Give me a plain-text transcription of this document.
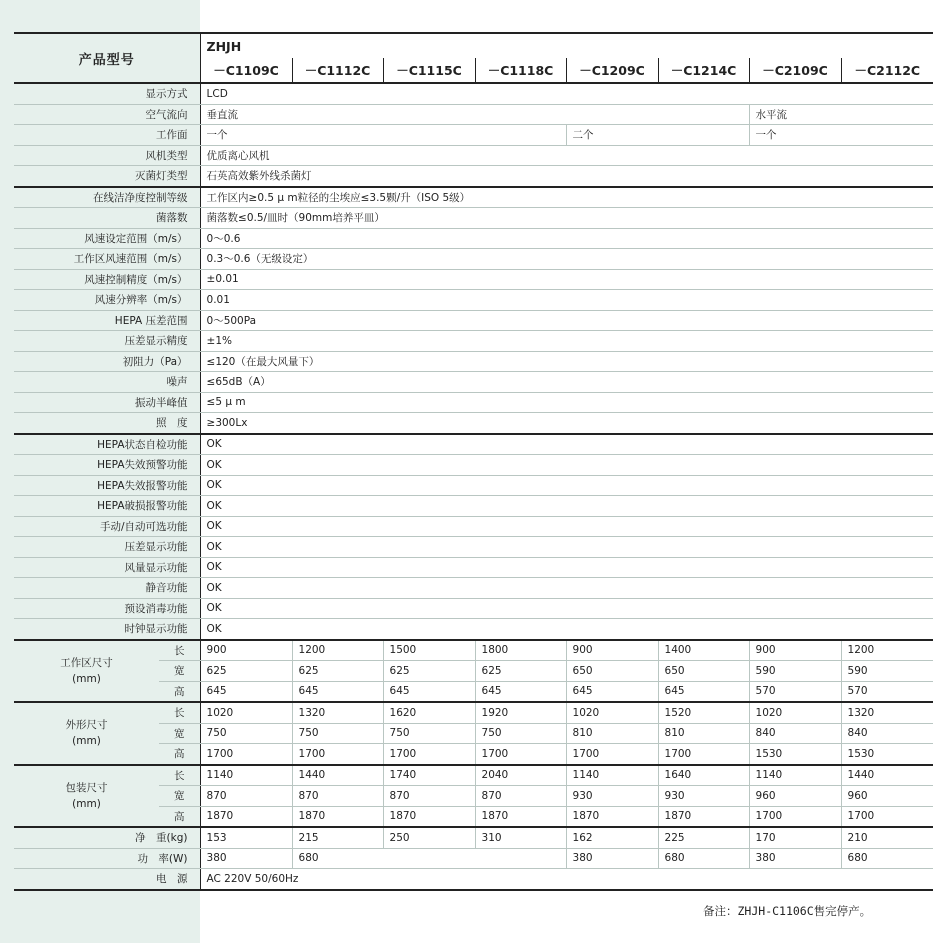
产品型号		ZHJH							
		－C1109C	－C1112C	－C1115C	－C1118C	－C1209C	－C1214C	－C2109C	－C2112C
显示方式		LCD							
空气流向		垂直流						水平流	
工作面		一个				二个		一个	
风机类型		优质离心风机							
灭菌灯类型		石英高效紫外线杀菌灯							
在线洁净度控制等级		工作区内≥0.5 μ m粒径的尘埃应≤3.5颗/升（ISO 5级）							
菌落数		菌落数≤0.5/皿时（90mm培养平皿）							
风速设定范围（m/s）		0～0.6							
工作区风速范围（m/s）		0.3～0.6（无级设定）							
风速控制精度（m/s）		±0.01							
风速分辨率（m/s）		0.01							
HEPA 压差范围		0～500Pa							
压差显示精度		±1%							
初阻力（Pa）		≤120（在最大风量下）							
噪声		≤65dB（A）							
振动半峰值		≤5 μ m							
照　度		≥300Lx							
HEPA状态自检功能		OK							
HEPA失效预警功能		OK							
HEPA失效报警功能		OK							
HEPA破损报警功能		OK							
手动/自动可选功能		OK							
压差显示功能		OK							
风量显示功能		OK							
静音功能		OK							
预设消毒功能		OK							
时钟显示功能		OK							
工作区尺寸
(mm)	长	900	1200	1500	1800	900	1400	900	1200
	宽	625	625	625	625	650	650	590	590
	高	645	645	645	645	645	645	570	570
外形尺寸
(mm)	长	1020	1320	1620	1920	1020	1520	1020	1320
	宽	750	750	750	750	810	810	840	840
	高	1700	1700	1700	1700	1700	1700	1530	1530
包装尺寸
(mm)	长	1140	1440	1740	2040	1140	1640	1140	1440
	宽	870	870	870	870	930	930	960	960
	高	1870	1870	1870	1870	1870	1870	1700	1700
净　重(kg)		153	215	250	310	162	225	170	210
功　率(W)		380	680			380	680	380	680
电　源		AC 220V 50/60Hz							
备注：ZHJH-C1106C售完停产。
